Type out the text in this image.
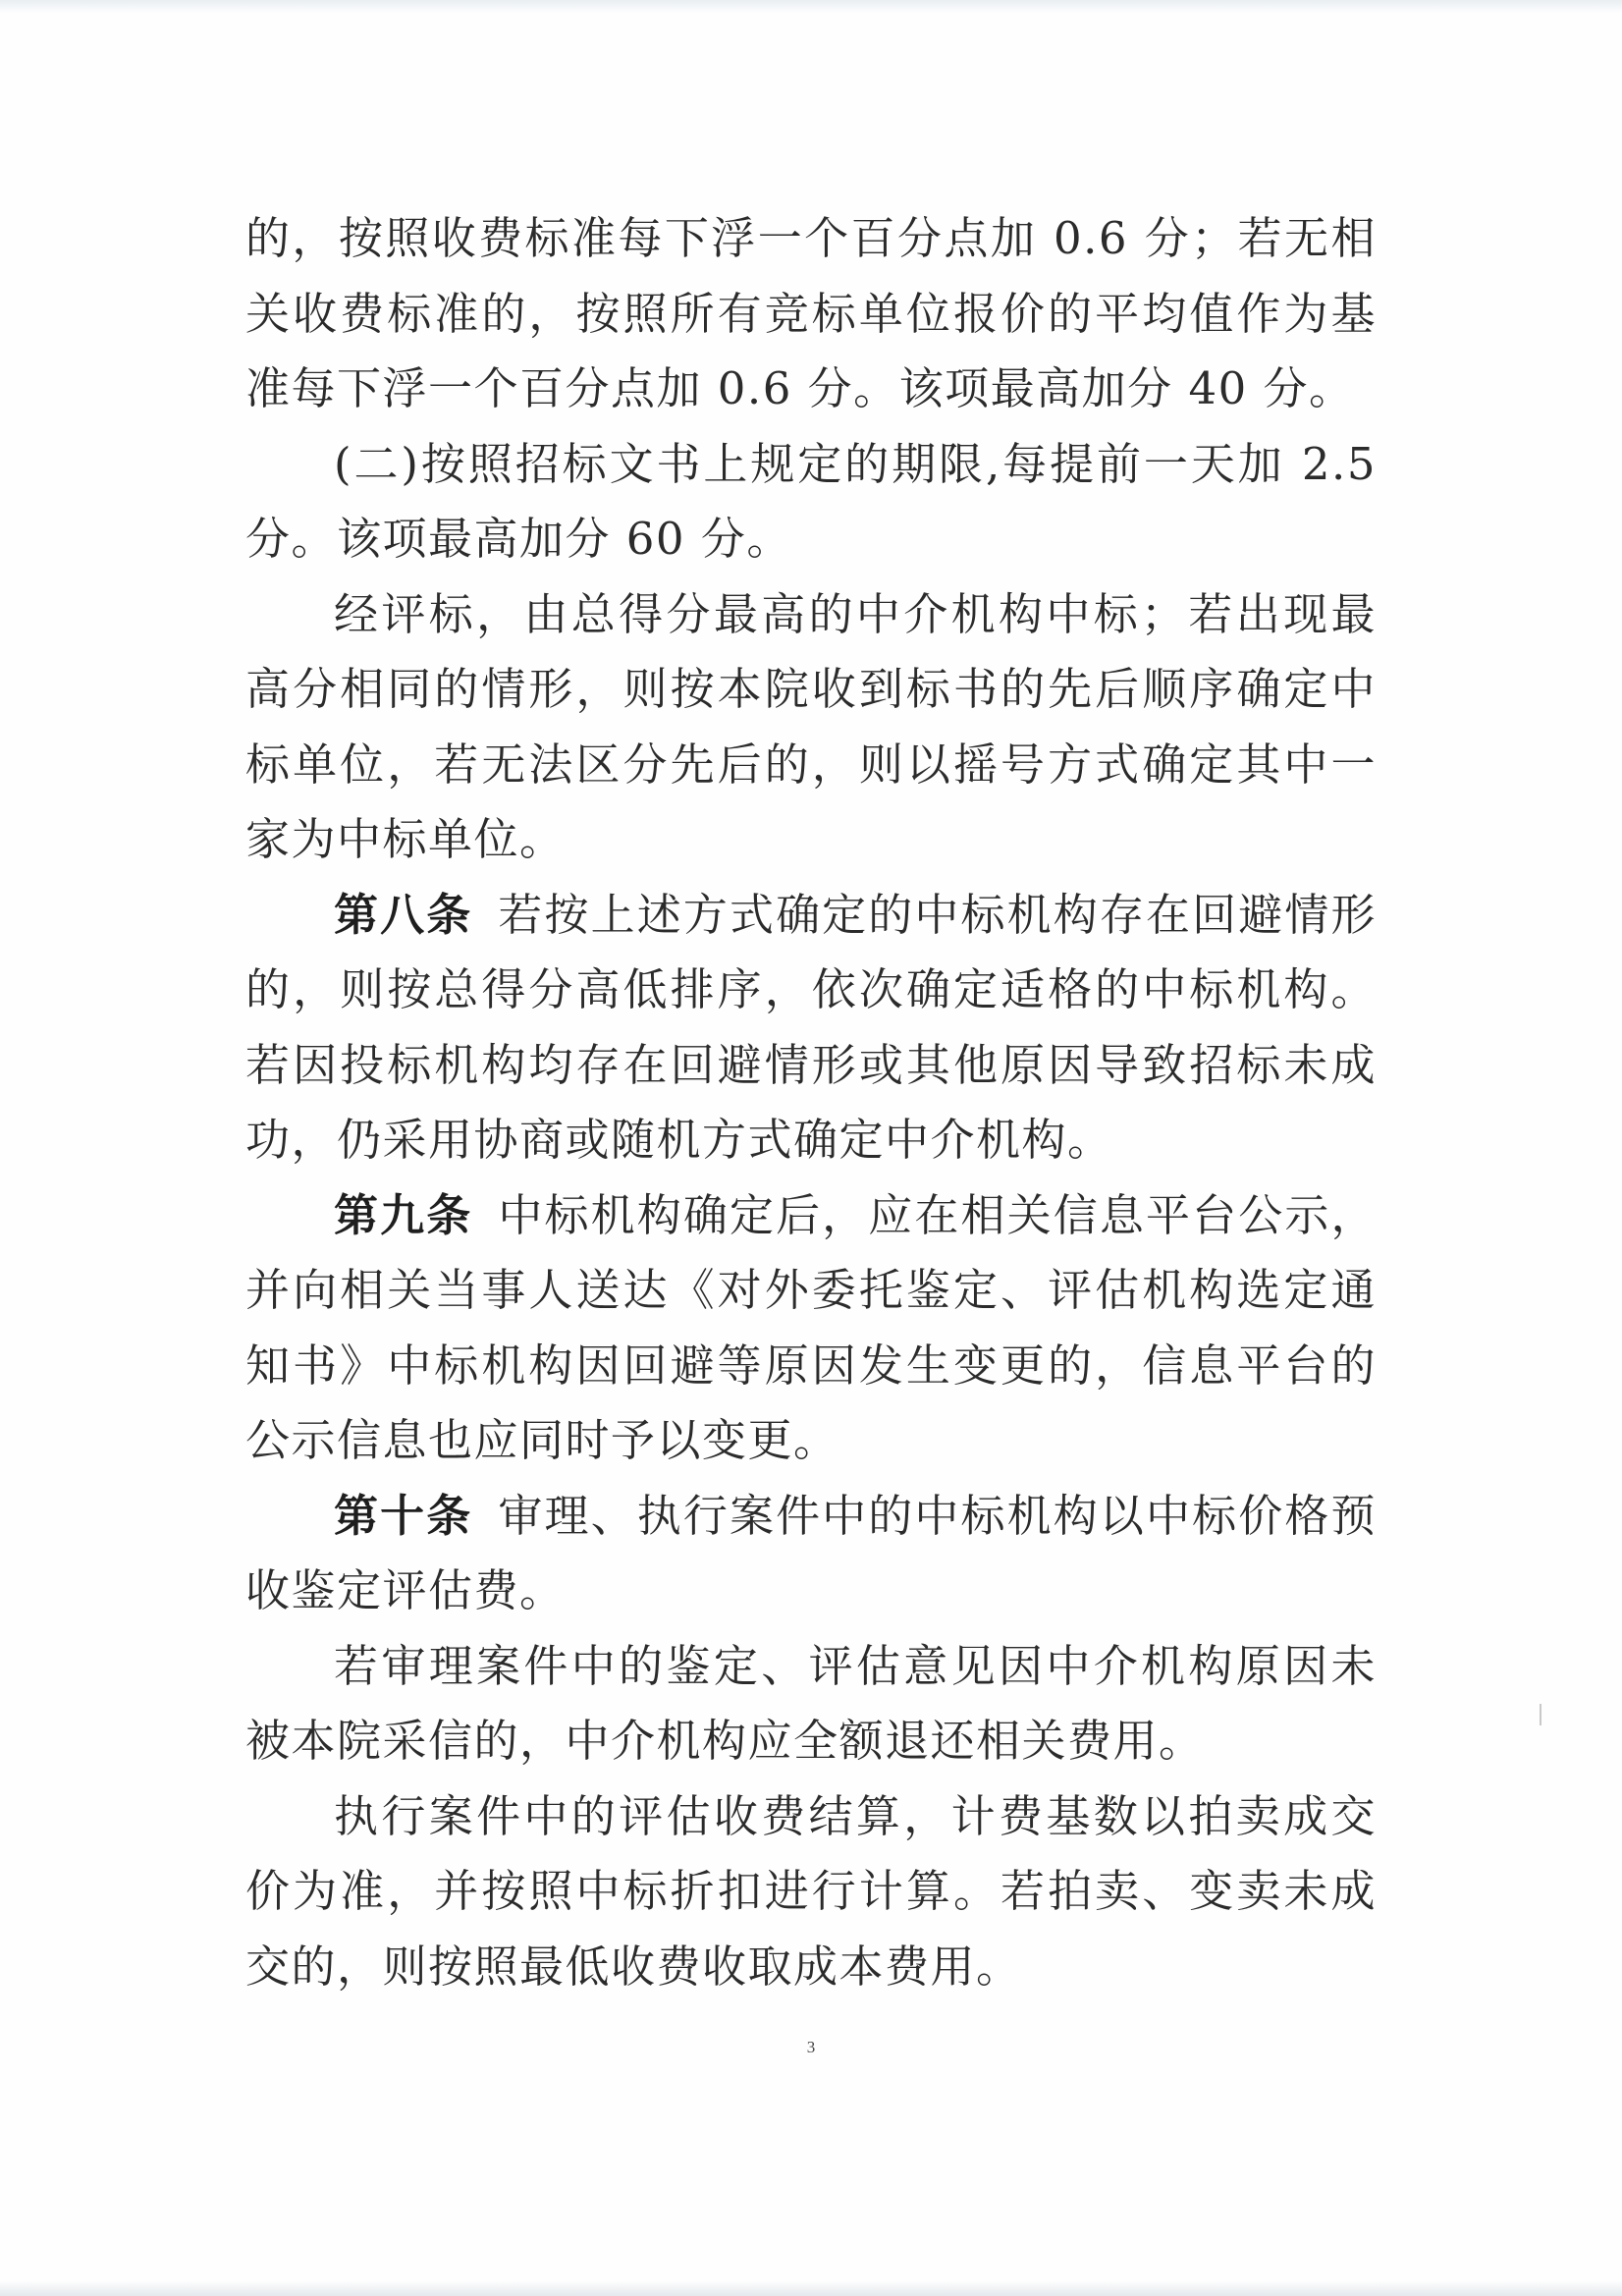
的，按照收费标准每下浮一个百分点加 0.6 分；若无相关收费标准的，按照所有竞标单位报价的平均值作为基准每下浮一个百分点加 0.6 分。该项最高加分 40 分。

(二)按照招标文书上规定的期限,每提前一天加 2.5 分。该项最高加分 60 分。

经评标，由总得分最高的中介机构中标；若出现最高分相同的情形，则按本院收到标书的先后顺序确定中标单位，若无法区分先后的，则以摇号方式确定其中一家为中标单位。

第八条 若按上述方式确定的中标机构存在回避情形的，则按总得分高低排序，依次确定适格的中标机构。若因投标机构均存在回避情形或其他原因导致招标未成功，仍采用协商或随机方式确定中介机构。

第九条 中标机构确定后，应在相关信息平台公示，并向相关当事人送达《对外委托鉴定、评估机构选定通知书》中标机构因回避等原因发生变更的，信息平台的公示信息也应同时予以变更。

第十条 审理、执行案件中的中标机构以中标价格预收鉴定评估费。

若审理案件中的鉴定、评估意见因中介机构原因未被本院采信的，中介机构应全额退还相关费用。

执行案件中的评估收费结算，计费基数以拍卖成交价为准，并按照中标折扣进行计算。若拍卖、变卖未成交的，则按照最低收费收取成本费用。

3
